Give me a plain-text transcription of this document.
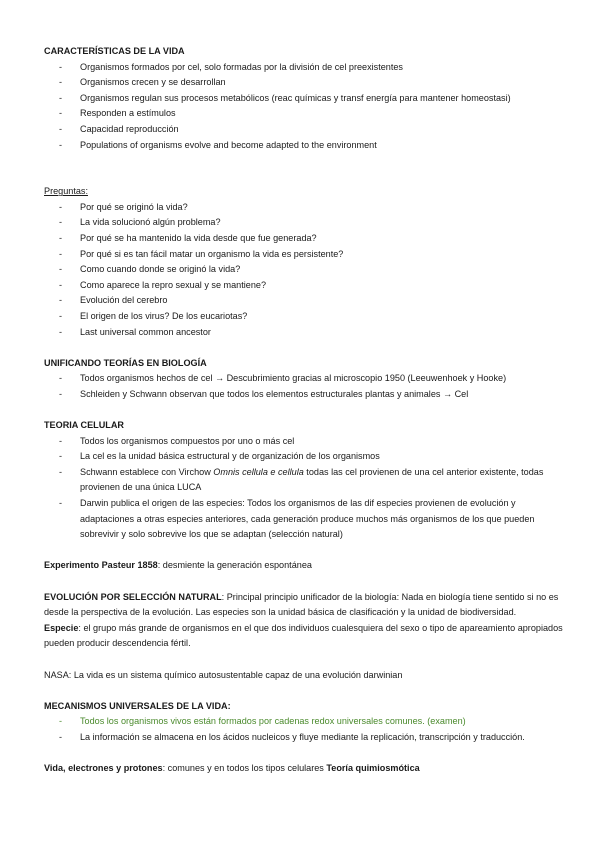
CARACTERÍSTICAS DE LA VIDA

- Organismos formados por cel, solo formadas por la división de cel preexistentes
- Organismos crecen y se desarrollan
- Organismos regulan sus procesos metabólicos (reac químicas y transf energía para mantener homeostasi)
- Responden a estímulos
- Capacidad reproducción
- Populations of organisms evolve and become adapted to the environment

Preguntas:

- Por qué se originó la vida?
- La vida solucionó algún problema?
- Por qué se ha mantenido la vida desde que fue generada?
- Por qué si es tan fácil matar un organismo la vida es persistente?
- Como cuando donde se originó la vida?
- Como aparece la repro sexual y se mantiene?
- Evolución del cerebro
- El origen de los virus? De los eucariotas?
- Last universal common ancestor

UNIFICANDO TEORÍAS EN BIOLOGÍA

- Todos organismos hechos de cel → Descubrimiento gracias al microscopio 1950 (Leeuwenhoek y Hooke)
- Schleiden y Schwann observan que todos los elementos estructurales plantas y animales → Cel

TEORIA CELULAR

- Todos los organismos compuestos por uno o más cel
- La cel es la unidad básica estructural y de organización de los organismos
- Schwann establece con Virchow Omnis cellula e cellula todas las cel provienen de una cel anterior existente, todas provienen de una única LUCA
- Darwin publica el origen de las especies: Todos los organismos de las dif especies provienen de evolución y adaptaciones a otras especies anteriores, cada generación produce muchos más organismos de los que pueden sobrevivir y solo sobrevive los que se adaptan (selección natural)

Experimento Pasteur 1858: desmiente la generación espontánea

EVOLUCIÓN POR SELECCIÓN NATURAL: Principal principio unificador de la biología: Nada en biología tiene sentido si no es desde la perspectiva de la evolución. Las especies son la unidad básica de clasificación y la unidad de biodiversidad.

Especie: el grupo más grande de organismos en el que dos individuos cualesquiera del sexo o tipo de apareamiento apropiados pueden producir descendencia fértil.

NASA: La vida es un sistema químico autosustentable capaz de una evolución darwinian

MECANISMOS UNIVERSALES DE LA VIDA:

- Todos los organismos vivos están formados por cadenas redox universales comunes. (examen)
- La información se almacena en los ácidos nucleicos y fluye mediante la replicación, transcripción y traducción.

Vida, electrones y protones: comunes y en todos los tipos celulares Teoría quimiosmótica
